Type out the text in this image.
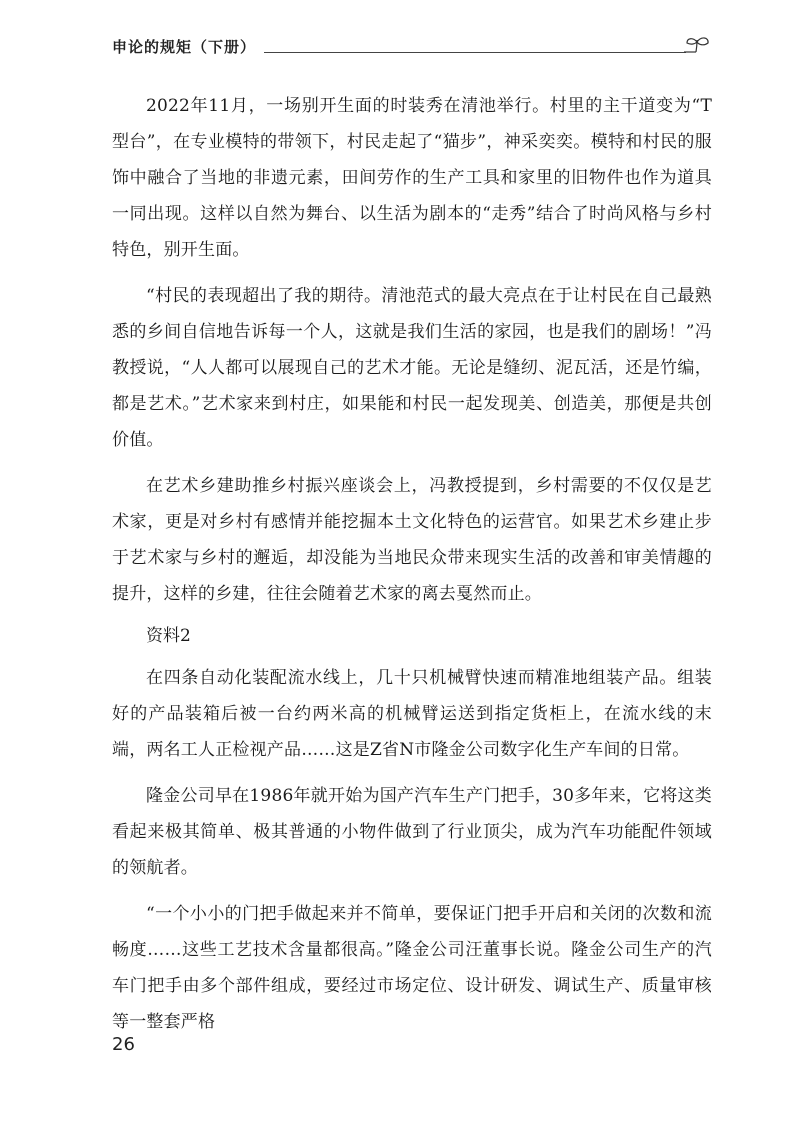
申论的规矩（下册）

2022年11月，一场别开生面的时装秀在清池举行。村里的主干道变为“T型台”，在专业模特的带领下，村民走起了“猫步”，神采奕奕。模特和村民的服饰中融合了当地的非遗元素，田间劳作的生产工具和家里的旧物件也作为道具一同出现。这样以自然为舞台、以生活为剧本的“走秀”结合了时尚风格与乡村特色，别开生面。

“村民的表现超出了我的期待。清池范式的最大亮点在于让村民在自己最熟悉的乡间自信地告诉每一个人，这就是我们生活的家园，也是我们的剧场！”冯教授说，“人人都可以展现自己的艺术才能。无论是缝纫、泥瓦活，还是竹编，都是艺术。”艺术家来到村庄，如果能和村民一起发现美、创造美，那便是共创价值。

在艺术乡建助推乡村振兴座谈会上，冯教授提到，乡村需要的不仅仅是艺术家，更是对乡村有感情并能挖掘本土文化特色的运营官。如果艺术乡建止步于艺术家与乡村的邂逅，却没能为当地民众带来现实生活的改善和审美情趣的提升，这样的乡建，往往会随着艺术家的离去戛然而止。

资料2

在四条自动化装配流水线上，几十只机械臂快速而精准地组装产品。组装好的产品装箱后被一台约两米高的机械臂运送到指定货柜上，在流水线的末端，两名工人正检视产品……这是Z省N市隆金公司数字化生产车间的日常。

隆金公司早在1986年就开始为国产汽车生产门把手，30多年来，它将这类看起来极其简单、极其普通的小物件做到了行业顶尖，成为汽车功能配件领域的领航者。

“一个小小的门把手做起来并不简单，要保证门把手开启和关闭的次数和流畅度……这些工艺技术含量都很高。”隆金公司汪董事长说。隆金公司生产的汽车门把手由多个部件组成，要经过市场定位、设计研发、调试生产、质量审核等一整套严格

26
